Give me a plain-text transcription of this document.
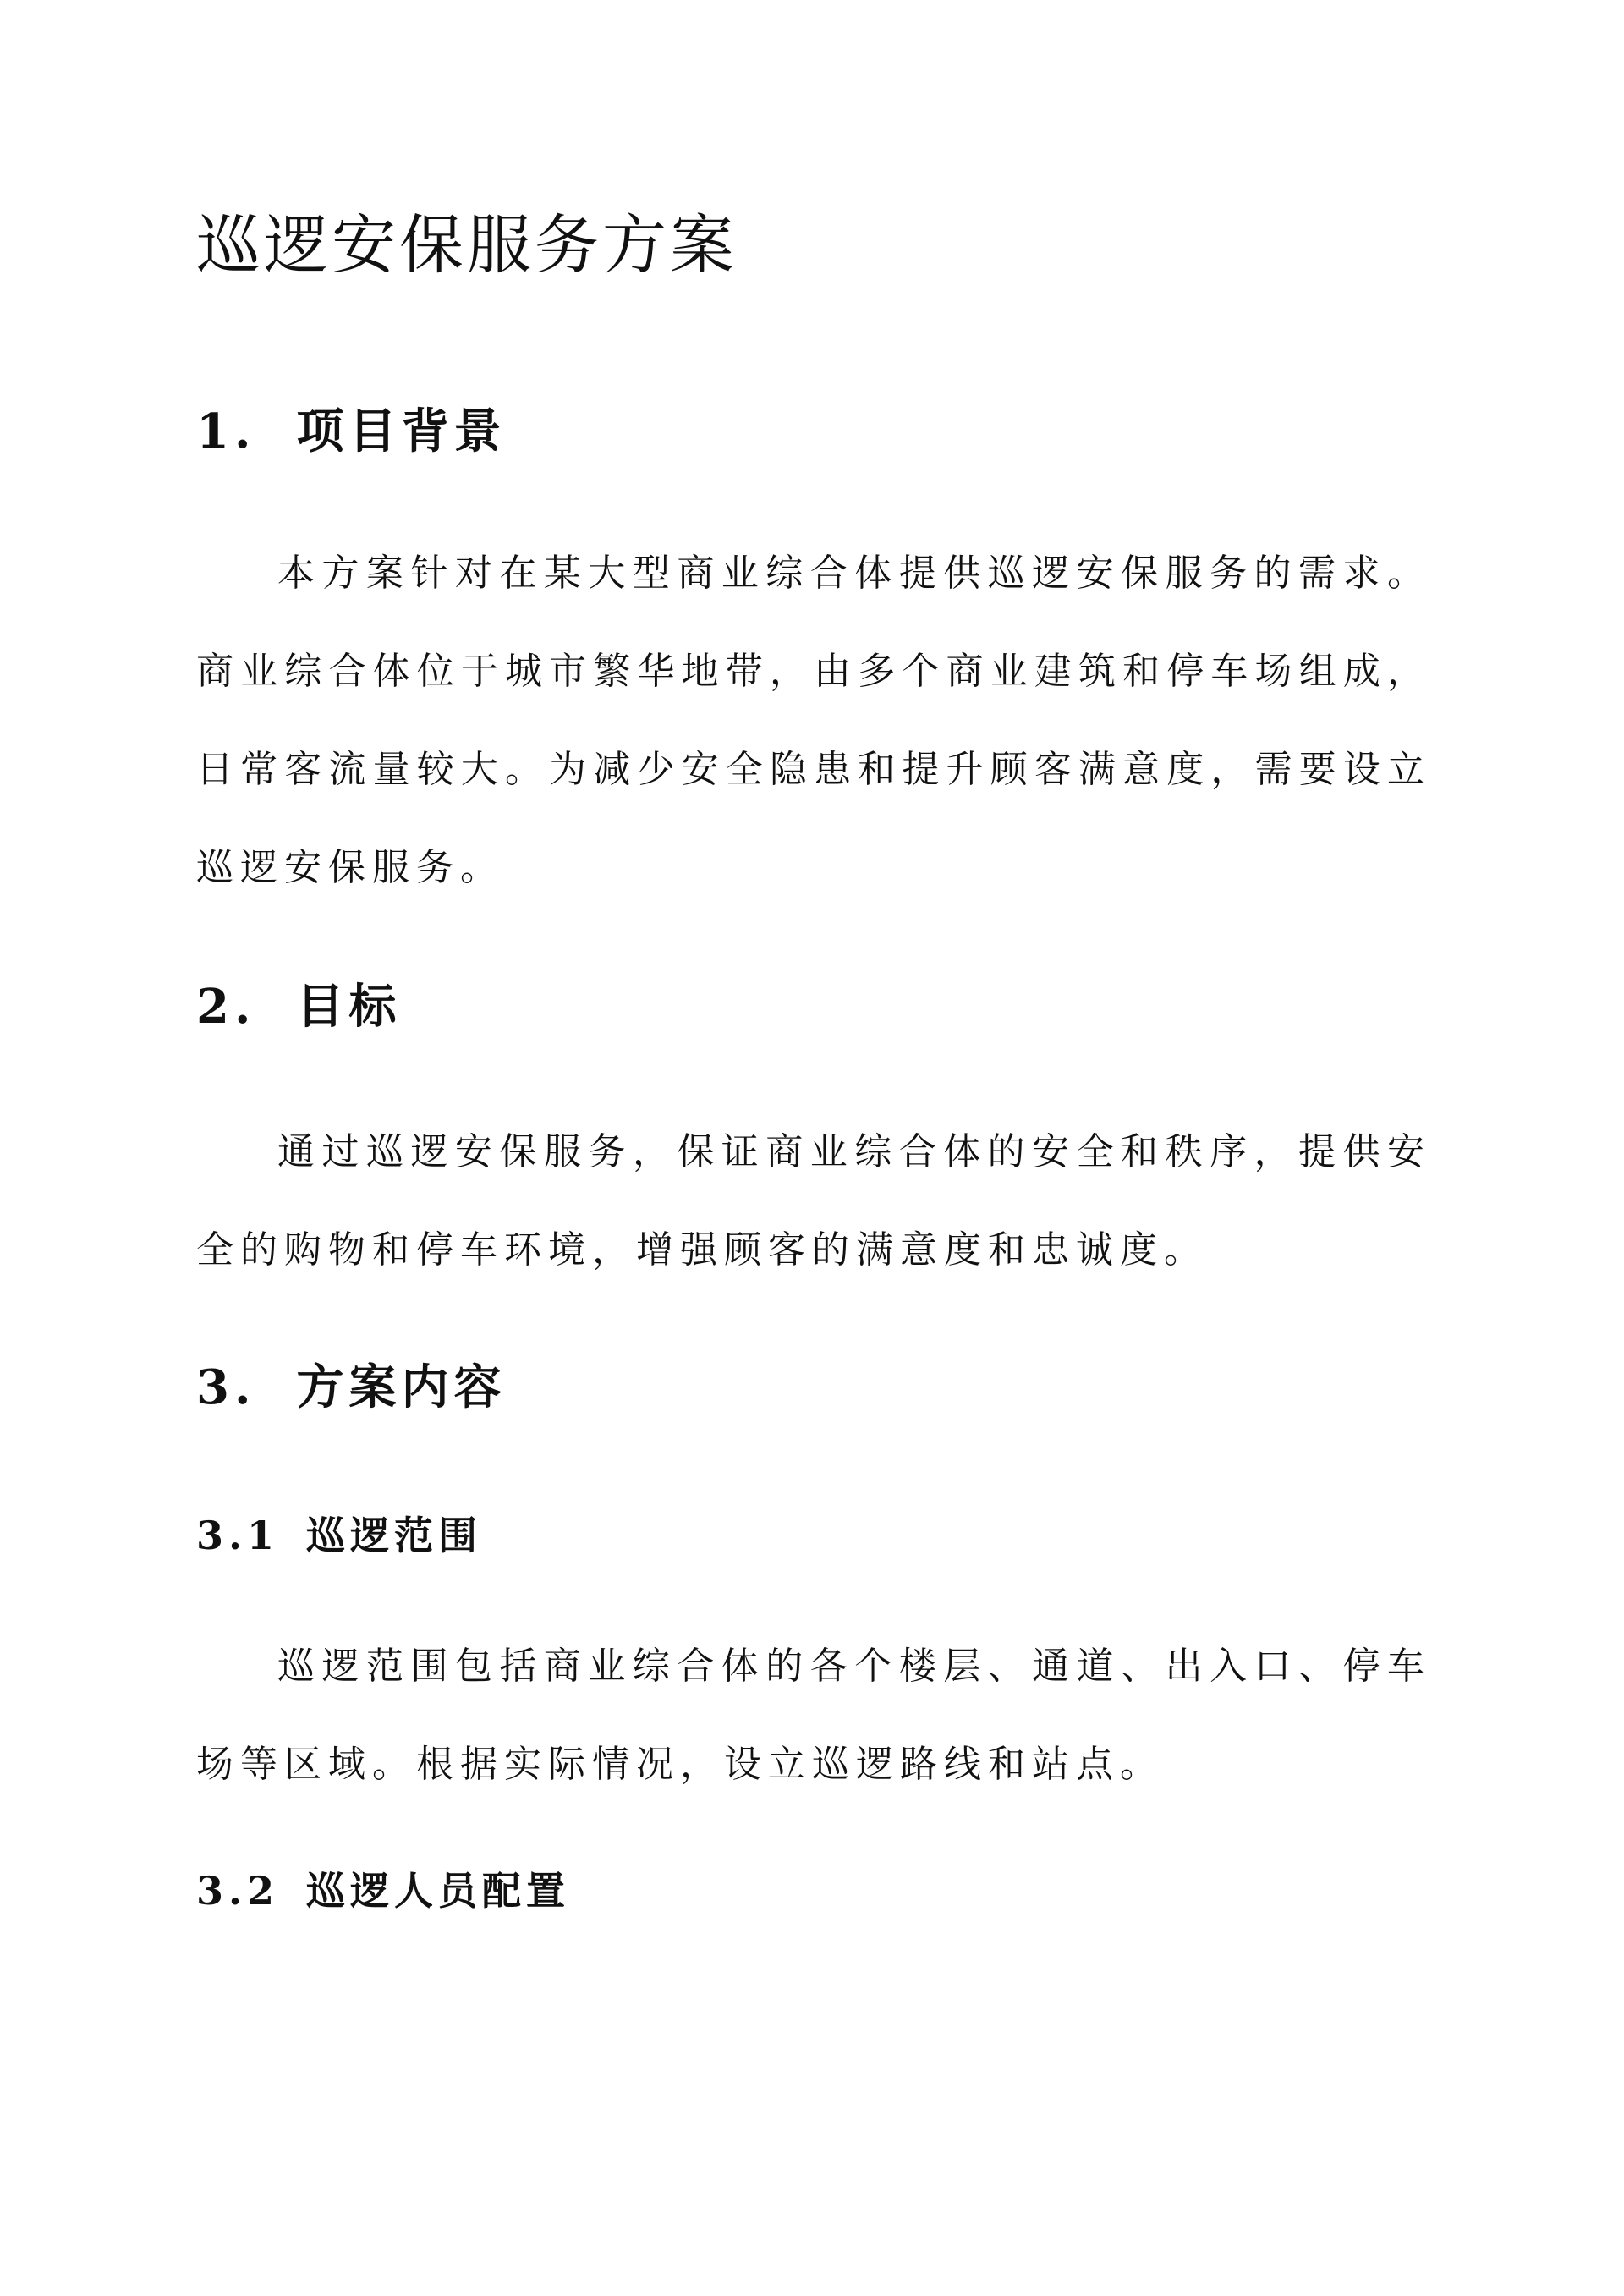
巡逻安保服务方案
1. 项目背景

本方案针对在某大型商业综合体提供巡逻安保服务的需求。商业综合体位于城市繁华地带，由多个商业建筑和停车场组成，日常客流量较大。为减少安全隐患和提升顾客满意度，需要设立巡逻安保服务。

2. 目标

通过巡逻安保服务，保证商业综合体的安全和秩序，提供安全的购物和停车环境，增强顾客的满意度和忠诚度。

3. 方案内容
3.1 巡逻范围

巡逻范围包括商业综合体的各个楼层、通道、出入口、停车场等区域。根据实际情况，设立巡逻路线和站点。

3.2 巡逻人员配置
